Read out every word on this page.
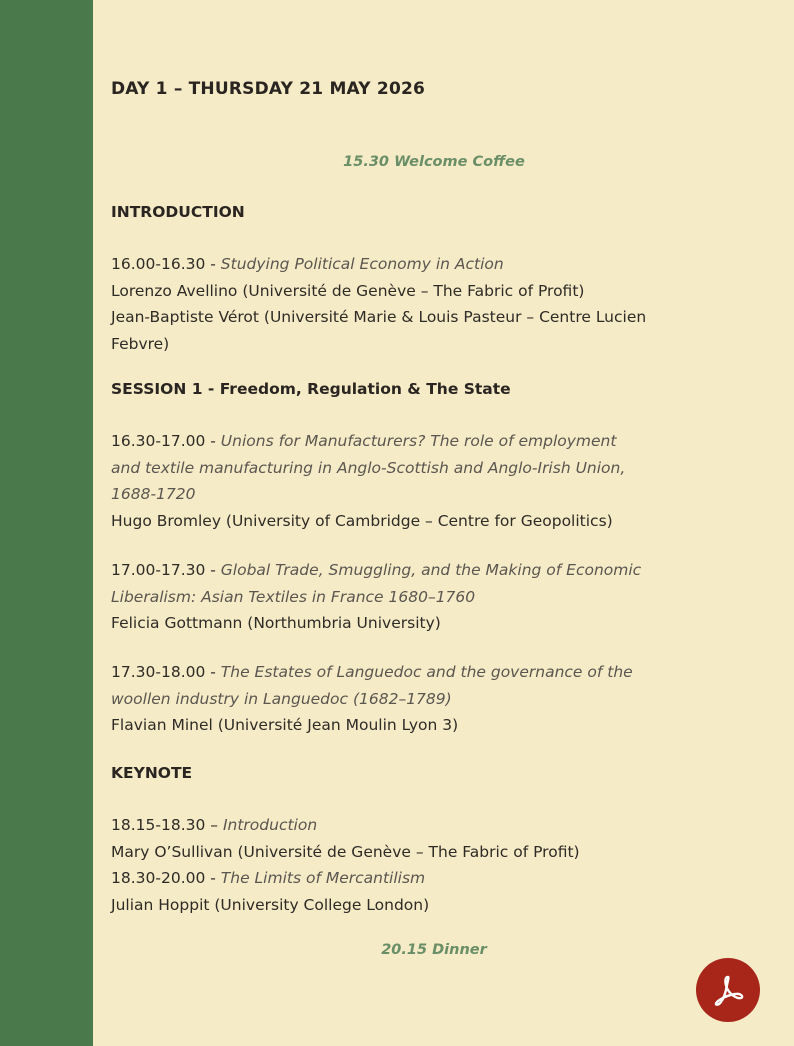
DAY 1 – THURSDAY 21 MAY 2026
15.30 Welcome Coffee
INTRODUCTION
16.00-16.30 - Studying Political Economy in Action
Lorenzo Avellino (Université de Genève – The Fabric of Profit)
Jean-Baptiste Vérot (Université Marie & Louis Pasteur – Centre Lucien
Febvre)
SESSION 1 - Freedom, Regulation & The State
16.30-17.00 - Unions for Manufacturers? The role of employment
and textile manufacturing in Anglo-Scottish and Anglo-Irish Union,
1688-1720
Hugo Bromley (University of Cambridge – Centre for Geopolitics)
17.00-17.30 - Global Trade, Smuggling, and the Making of Economic
Liberalism: Asian Textiles in France 1680–1760
Felicia Gottmann (Northumbria University)
17.30-18.00 - The Estates of Languedoc and the governance of the
woollen industry in Languedoc (1682–1789)
Flavian Minel (Université Jean Moulin Lyon 3)
KEYNOTE
18.15-18.30 – Introduction
Mary O’Sullivan (Université de Genève – The Fabric of Profit)
18.30-20.00 - The Limits of Mercantilism
Julian Hoppit (University College London)
20.15 Dinner
